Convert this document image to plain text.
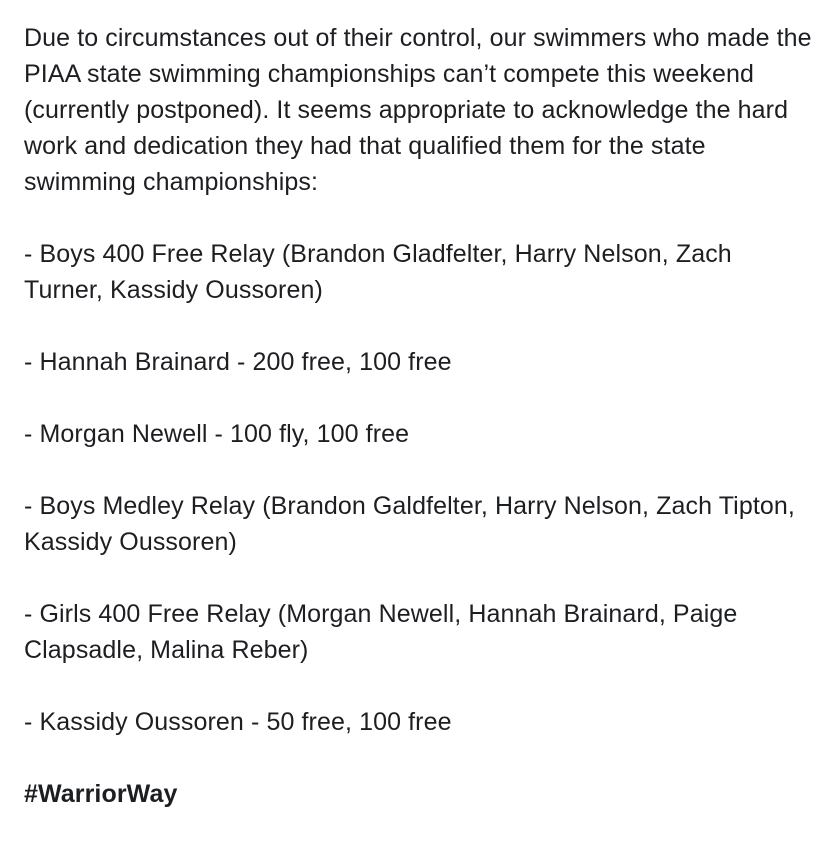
Due to circumstances out of their control, our swimmers who made the PIAA state swimming championships can’t compete this weekend (currently postponed). It seems appropriate to acknowledge the hard work and dedication they had that qualified them for the state swimming championships:

- Boys 400 Free Relay (Brandon Gladfelter, Harry Nelson, Zach Turner, Kassidy Oussoren)

- Hannah Brainard - 200 free, 100 free

- Morgan Newell - 100 fly, 100 free

- Boys Medley Relay (Brandon Galdfelter, Harry Nelson, Zach Tipton, Kassidy Oussoren)

- Girls 400 Free Relay (Morgan Newell, Hannah Brainard, Paige Clapsadle, Malina Reber)

- Kassidy Oussoren - 50 free, 100 free

#WarriorWay
